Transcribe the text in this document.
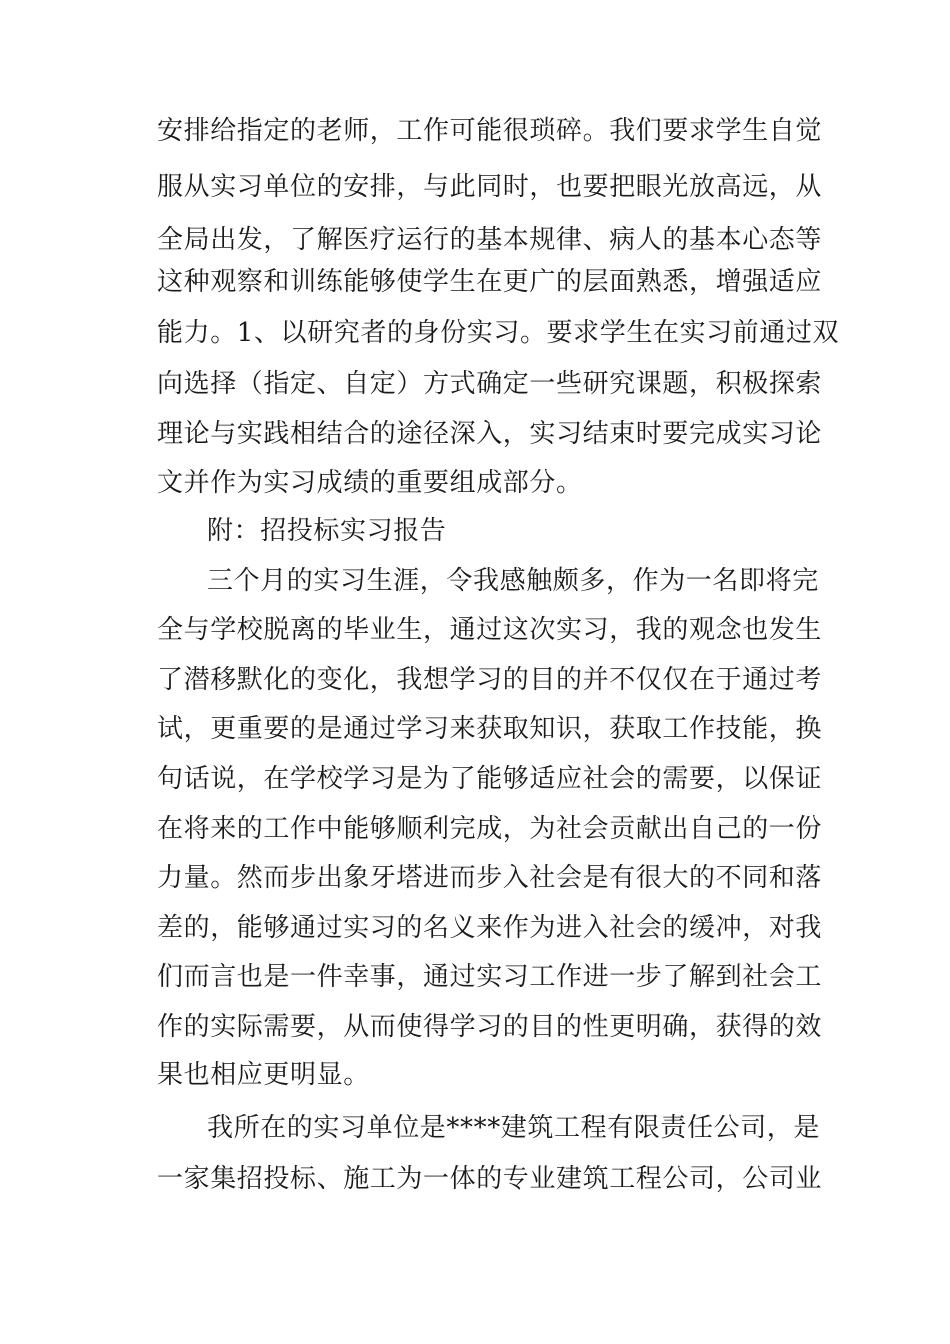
安排给指定的老师，工作可能很琐碎。我们要求学生自觉
服从实习单位的安排，与此同时，也要把眼光放高远，从
全局出发，了解医疗运行的基本规律、病人的基本心态等
这种观察和训练能够使学生在更广的层面熟悉，增强适应
能力。1、以研究者的身份实习。要求学生在实习前通过双
向选择（指定、自定）方式确定一些研究课题，积极探索
理论与实践相结合的途径深入，实习结束时要完成实习论
文并作为实习成绩的重要组成部分。
附：招投标实习报告
三个月的实习生涯，令我感触颇多，作为一名即将完
全与学校脱离的毕业生，通过这次实习，我的观念也发生
了潜移默化的变化，我想学习的目的并不仅仅在于通过考
试，更重要的是通过学习来获取知识，获取工作技能，换
句话说，在学校学习是为了能够适应社会的需要，以保证
在将来的工作中能够顺利完成，为社会贡献出自己的一份
力量。然而步出象牙塔进而步入社会是有很大的不同和落
差的，能够通过实习的名义来作为进入社会的缓冲，对我
们而言也是一件幸事，通过实习工作进一步了解到社会工
作的实际需要，从而使得学习的目的性更明确，获得的效
果也相应更明显。
我所在的实习单位是****建筑工程有限责任公司，是
一家集招投标、施工为一体的专业建筑工程公司，公司业
